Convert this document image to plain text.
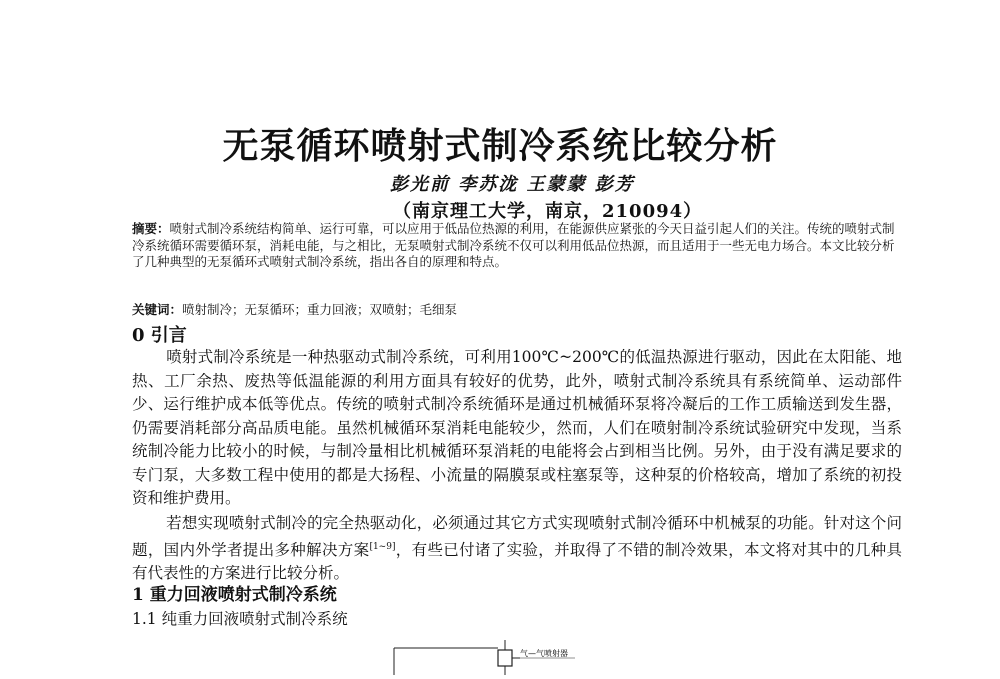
无泵循环喷射式制冷系统比较分析
彭光前 李苏泷 王蒙蒙 彭芳
（南京理工大学，南京，210094）
摘要：喷射式制冷系统结构简单、运行可靠，可以应用于低品位热源的利用，在能源供应紧张的今天日益引起人们的关注。传统的喷射式制冷系统循环需要循环泵，消耗电能，与之相比，无泵喷射式制冷系统不仅可以利用低品位热源，而且适用于一些无电力场合。本文比较分析了几种典型的无泵循环式喷射式制冷系统，指出各自的原理和特点。
关键词：喷射制冷；无泵循环；重力回液；双喷射；毛细泵
0 引言
喷射式制冷系统是一种热驱动式制冷系统，可利用100℃~200℃的低温热源进行驱动，因此在太阳能、地热、工厂余热、废热等低温能源的利用方面具有较好的优势，此外，喷射式制冷系统具有系统简单、运动部件少、运行维护成本低等优点。传统的喷射式制冷系统循环是通过机械循环泵将冷凝后的工作工质输送到发生器，仍需要消耗部分高品质电能。虽然机械循环泵消耗电能较少，然而，人们在喷射制冷系统试验研究中发现，当系统制冷能力比较小的时候，与制冷量相比机械循环泵消耗的电能将会占到相当比例。另外，由于没有满足要求的专门泵，大多数工程中使用的都是大扬程、小流量的隔膜泵或柱塞泵等，这种泵的价格较高，增加了系统的初投资和维护费用。
若想实现喷射式制冷的完全热驱动化，必须通过其它方式实现喷射式制冷循环中机械泵的功能。针对这个问题，国内外学者提出多种解决方案[1~9]，有些已付诸了实验，并取得了不错的制冷效果，本文将对其中的几种具有代表性的方案进行比较分析。
1 重力回液喷射式制冷系统
1.1 纯重力回液喷射式制冷系统
气—气喷射器
